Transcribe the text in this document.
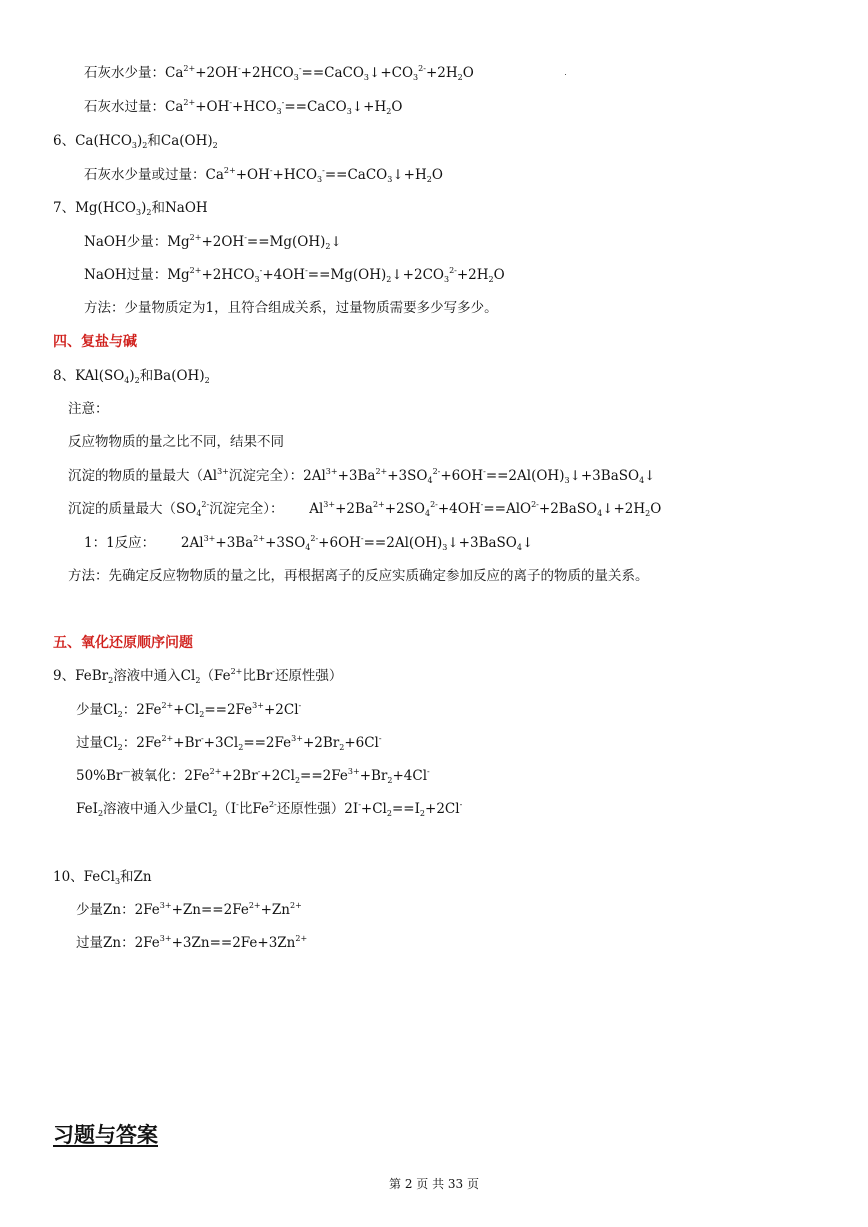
石灰水少量：$Ca^{2+}+2OH^-+2HCO_3^-==CaCO_3↓+CO_3^{2-}+2H_2O$
石灰水过量：$Ca^{2+}+OH^-+HCO_3^-==CaCO_3↓+H_2O$
6、$Ca(HCO_3)_2$和$Ca(OH)_2$
石灰水少量或过量：$Ca^{2+}+OH^-+HCO_3^-==CaCO_3↓+H_2O$
7、$Mg(HCO_3)_2$和NaOH
NaOH少量：$Mg^{2+}+2OH^-==Mg(OH)_2↓$
NaOH过量：$Mg^{2+}+2HCO_3^-+4OH^-==Mg(OH)_2↓+2CO_3^{2-}+2H_2O$
方法：少量物质定为1，且符合组成关系，过量物质需要多少写多少。
四、复盐与碱
8、$KAl(SO_4)_2$和$Ba(OH)_2$
注意：
反应物物质的量之比不同，结果不同
沉淀的物质的量最大（$Al^{3+}$沉淀完全）：$2Al^{3+}+3Ba^{2+}+3SO_4^{2-}+6OH^-==2Al(OH)_3↓+3BaSO_4↓$
沉淀的质量最大（$SO_4^{2-}$沉淀完全）：      $Al^{3+}+2Ba^{2+}+2SO_4^{2-}+4OH^-==AlO^{2-}+2BaSO_4↓+2H_2O$
1：1反应：      $2Al^{3+}+3Ba^{2+}+3SO_4^{2-}+6OH^-==2Al(OH)_3↓+3BaSO_4↓$
方法：先确定反应物物质的量之比，再根据离子的反应实质确定参加反应的离子的物质的量关系。
五、氧化还原顺序问题
9、FeBr$_2$溶液中通入$Cl_2(Fe^{2+}$比Br-还原性强）
少量$Cl_2$：$2Fe^{2+}+Cl_2==2Fe^{3+}+2Cl^-$
过量$Cl_2$：$2Fe^{2+}+Br^-+3Cl_2==2Fe^{3+}+2Br_2+6Cl^-$
50%Br—被氧化：$2Fe^{2+}+2Br^-+2Cl_2==2Fe^{3+}+Br_2+4Cl^-$
FeI$_2$溶液中通入少量$Cl_2(I^-$比$Fe^{2-}$还原性强）$2I^-+Cl_2==I_2+2Cl^-$
10、FeCl$_3$和Zn
少量Zn：$2Fe^{3+}+Zn==2Fe^{2+}+Zn^{2+}$
过量Zn：$2Fe^{3+}+3Zn==2Fe+3Zn^{2+}$
习题与答案
第 2 页 共 33 页
